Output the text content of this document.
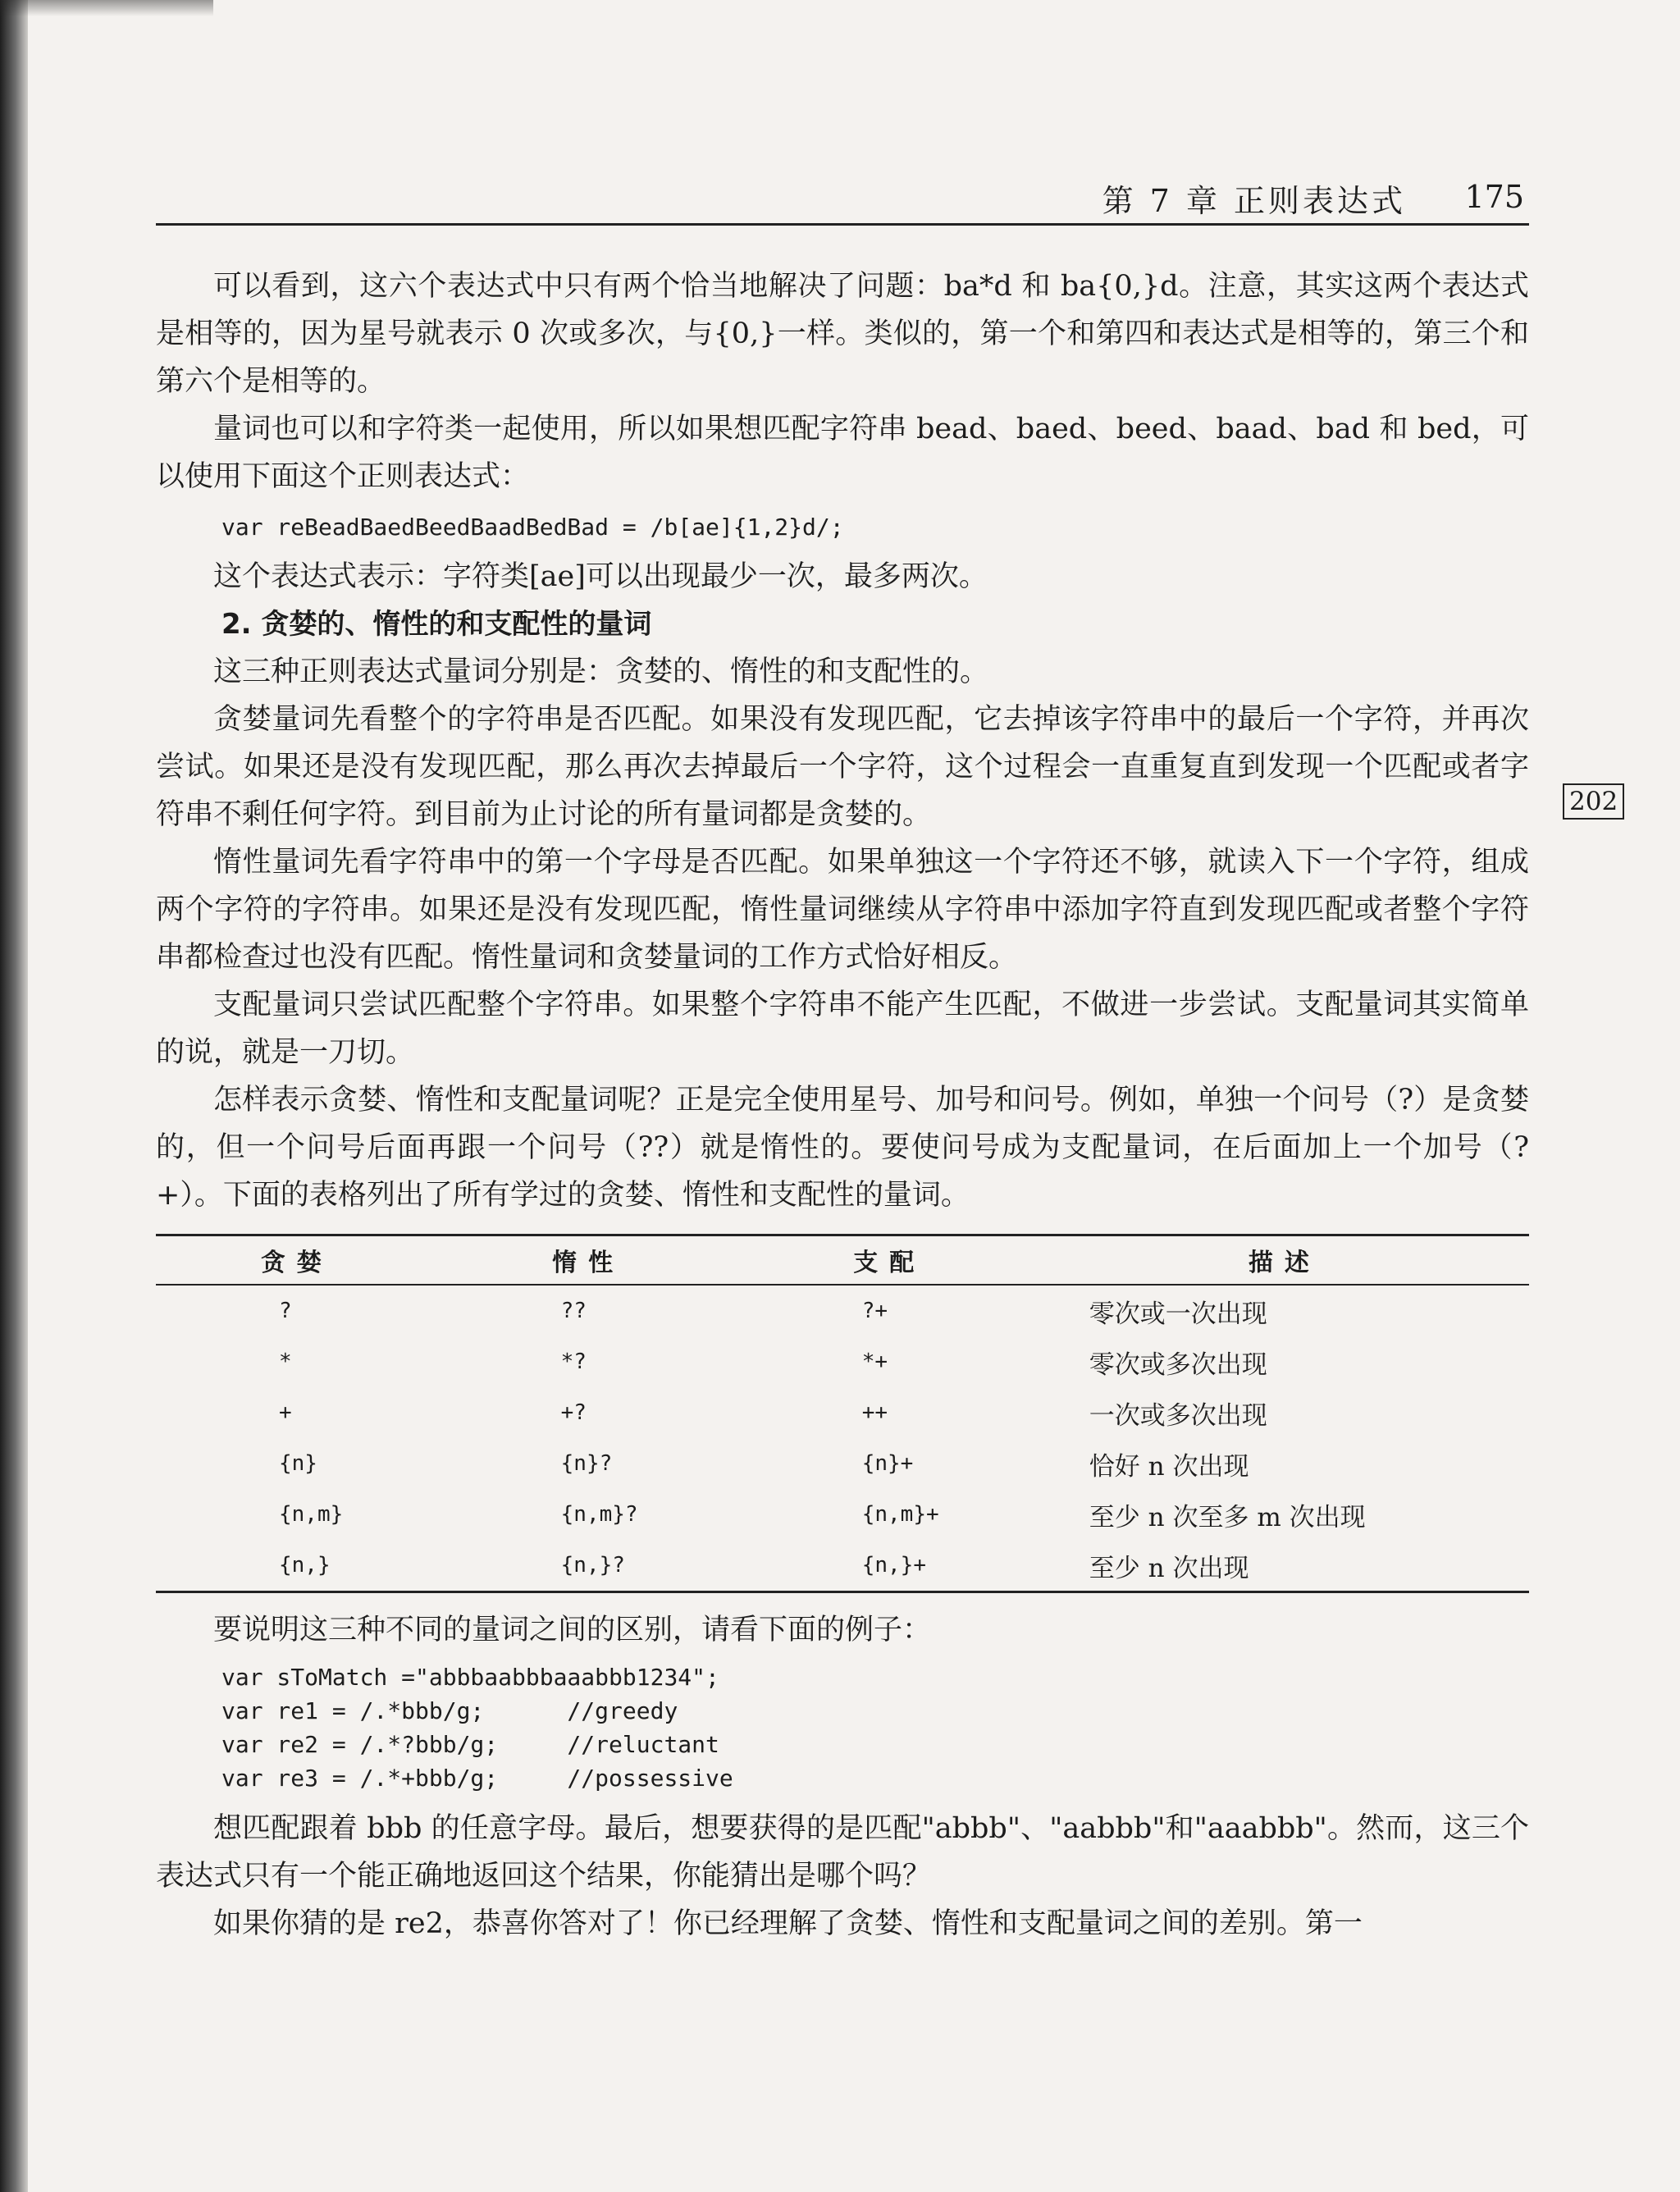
第 7 章 正则表达式 175
202

可以看到，这六个表达式中只有两个恰当地解决了问题：ba*d 和 ba{0,}d。注意，其实这两个表达式是相等的，因为星号就表示 0 次或多次，与{0,}一样。类似的，第一个和第四和表达式是相等的，第三个和第六个是相等的。

量词也可以和字符类一起使用，所以如果想匹配字符串 bead、baed、beed、baad、bad 和 bed，可以使用下面这个正则表达式：

var reBeadBaedBeedBaadBedBad = /b[ae]{1,2}d/;

这个表达式表示：字符类[ae]可以出现最少一次，最多两次。

2. 贪婪的、惰性的和支配性的量词

这三种正则表达式量词分别是：贪婪的、惰性的和支配性的。

贪婪量词先看整个的字符串是否匹配。如果没有发现匹配，它去掉该字符串中的最后一个字符，并再次尝试。如果还是没有发现匹配，那么再次去掉最后一个字符，这个过程会一直重复直到发现一个匹配或者字符串不剩任何字符。到目前为止讨论的所有量词都是贪婪的。

惰性量词先看字符串中的第一个字母是否匹配。如果单独这一个字符还不够，就读入下一个字符，组成两个字符的字符串。如果还是没有发现匹配，惰性量词继续从字符串中添加字符直到发现匹配或者整个字符串都检查过也没有匹配。惰性量词和贪婪量词的工作方式恰好相反。

支配量词只尝试匹配整个字符串。如果整个字符串不能产生匹配，不做进一步尝试。支配量词其实简单的说，就是一刀切。

怎样表示贪婪、惰性和支配量词呢？正是完全使用星号、加号和问号。例如，单独一个问号（?）是贪婪的，但一个问号后面再跟一个问号（??）就是惰性的。要使问号成为支配量词，在后面加上一个加号（?+）。下面的表格列出了所有学过的贪婪、惰性和支配性的量词。

贪婪	惰性	支配	描述
?	??	?+	零次或一次出现
*	*?	*+	零次或多次出现
+	+?	++	一次或多次出现
{n}	{n}?	{n}+	恰好 n 次出现
{n,m}	{n,m}?	{n,m}+	至少 n 次至多 m 次出现
{n,}	{n,}?	{n,}+	至少 n 次出现

要说明这三种不同的量词之间的区别，请看下面的例子：

var sToMatch ="abbbaabbbaaabbb1234";
var re1 = /.*bbb/g;      //greedy
var re2 = /.*?bbb/g;     //reluctant
var re3 = /.*+bbb/g;     //possessive

想匹配跟着 bbb 的任意字母。最后，想要获得的是匹配"abbb"、"aabbb"和"aaabbb"。然而，这三个表达式只有一个能正确地返回这个结果，你能猜出是哪个吗？

如果你猜的是 re2，恭喜你答对了！你已经理解了贪婪、惰性和支配量词之间的差别。第一
